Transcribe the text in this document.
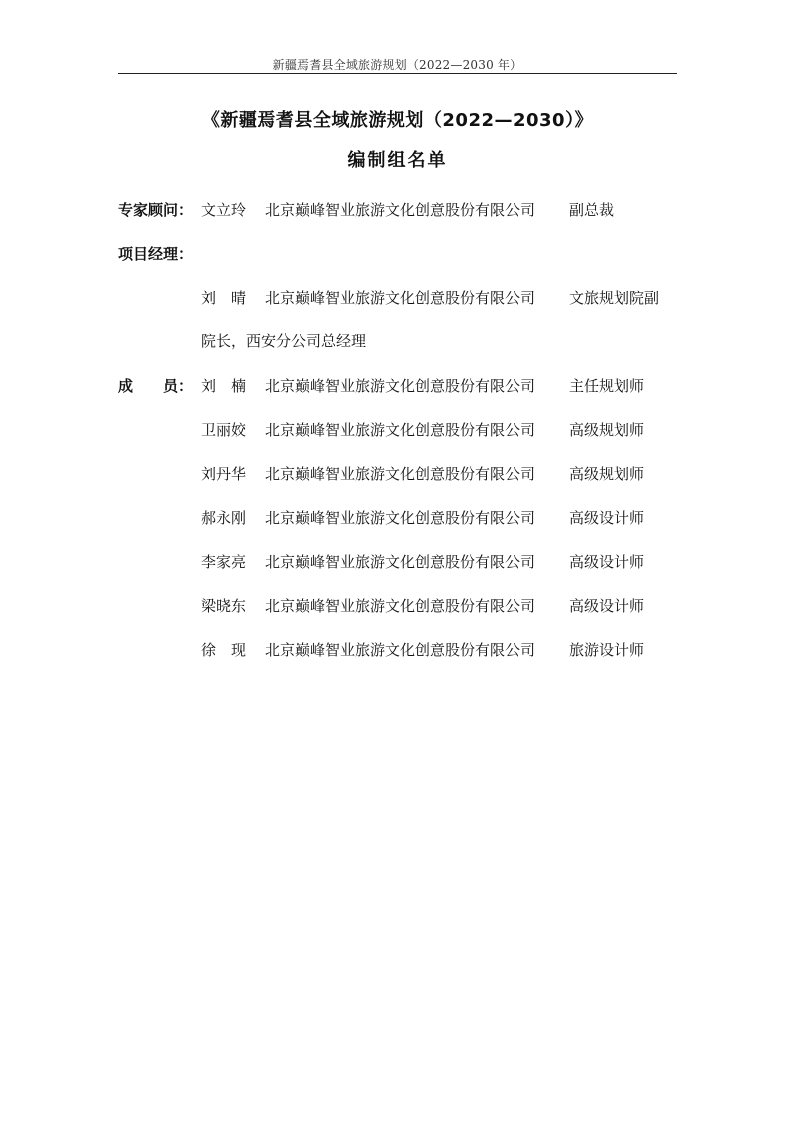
新疆焉耆县全域旅游规划（2022—2030 年）
《新疆焉耆县全域旅游规划（2022—2030）》
编制组名单
专家顾问： 文立玲 北京巅峰智业旅游文化创意股份有限公司 副总裁
项目经理：
刘　晴 北京巅峰智业旅游文化创意股份有限公司 文旅规划院副
院长，西安分公司总经理
成 员： 刘　楠 北京巅峰智业旅游文化创意股份有限公司 主任规划师
卫丽姣 北京巅峰智业旅游文化创意股份有限公司 高级规划师
刘丹华 北京巅峰智业旅游文化创意股份有限公司 高级规划师
郝永刚 北京巅峰智业旅游文化创意股份有限公司 高级设计师
李家亮 北京巅峰智业旅游文化创意股份有限公司 高级设计师
梁晓东 北京巅峰智业旅游文化创意股份有限公司 高级设计师
徐　现 北京巅峰智业旅游文化创意股份有限公司 旅游设计师
